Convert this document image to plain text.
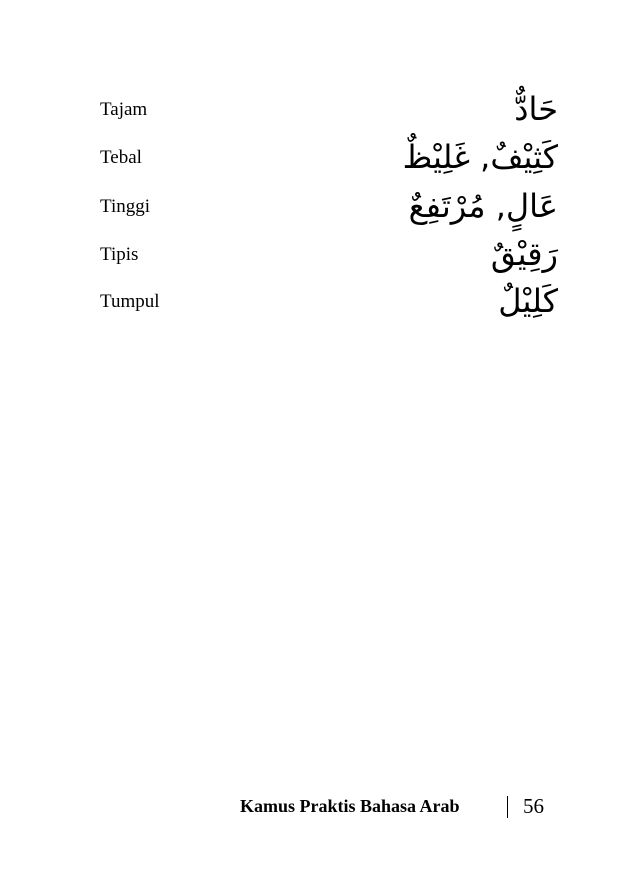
Tajam	حَادٌّ
Tebal	كَثِيْفٌ, غَلِيْظٌ
Tinggi	عَالٍ, مُرْتَفِعٌ
Tipis	رَقِيْقٌ
Tumpul	كَلِيْلٌ
Kamus Praktis Bahasa Arab	56
